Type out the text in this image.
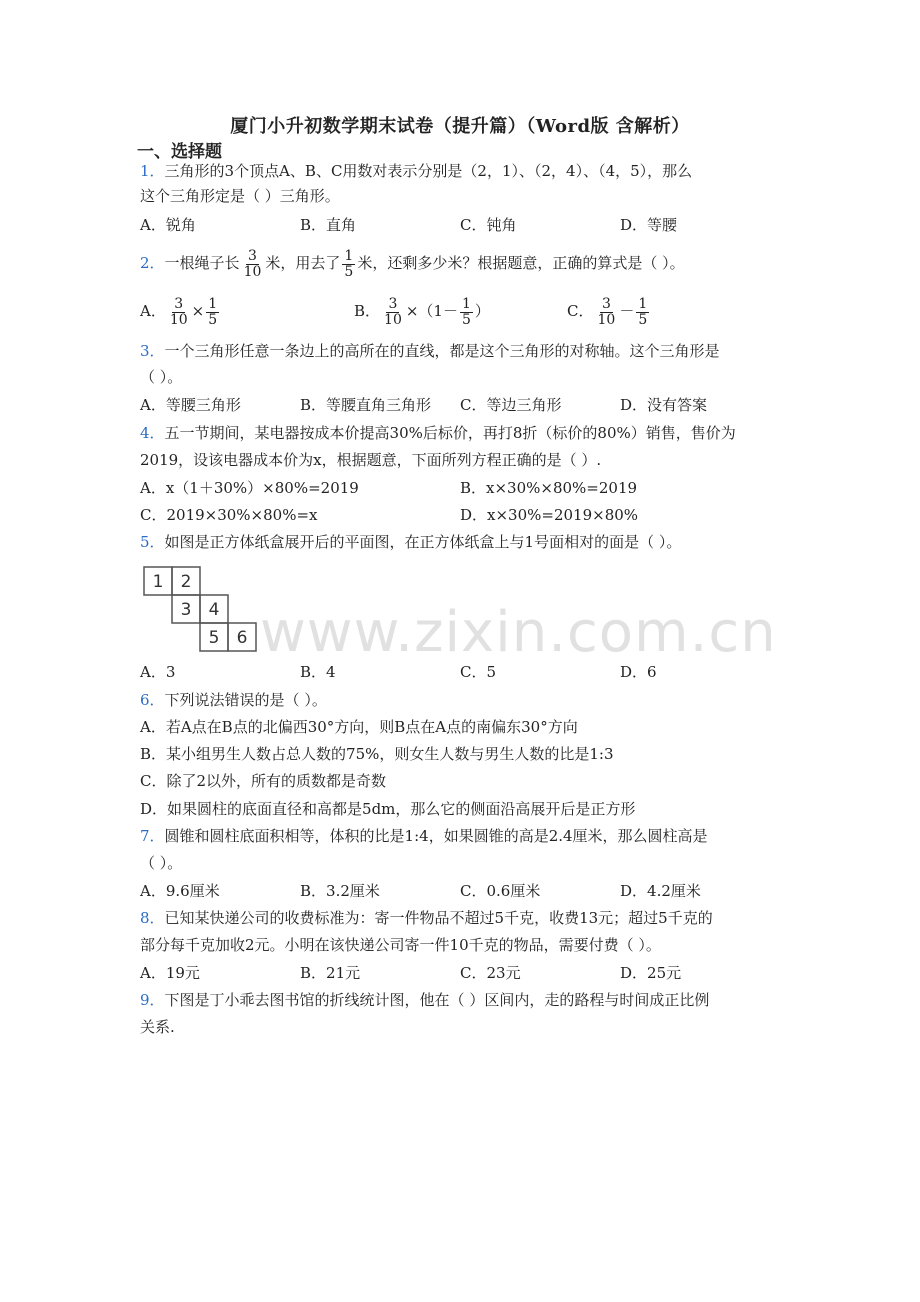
厦门小升初数学期末试卷（提升篇）（Word版 含解析）
一、选择题
1．三角形的3个顶点A、B、C用数对表示分别是（2，1）、（2，4）、（4，5），那么
这个三角形定是（ ）三角形。
A．锐角	B．直角	C．钝角	D．等腰
2．一根绳子长 $\frac{3}{10}$ 米，用去了 $\frac{1}{5}$ 米，还剩多少米？根据题意，正确的算式是（ ）。
A． $\frac{3}{10} \times \frac{1}{5}$	B． $\frac{3}{10} \times(1- \frac{1}{5}$ ）	C． $\frac{3}{10} - \frac{1}{5}$
3．一个三角形任意一条边上的高所在的直线，都是这个三角形的对称轴。这个三角形是
（ ）。
A．等腰三角形	B．等腰直角三角形 C．等边三角形	D．没有答案
4．五一节期间，某电器按成本价提高30%后标价，再打8折（标价的80%）销售，售价为
2019，设该电器成本价为x，根据题意，下面所列方程正确的是（ ）.
A．x（1＋30%）×80%=2019	B．x×30%×80%=2019
C．2019×30%×80%=x	D．x×30%=2019×80%
5．如图是正方体纸盒展开后的平面图，在正方体纸盒上与1号面相对的面是（ ）。
1 2
3 4
5 6 www.zixin.com.cn
A．3	B．4	C．5	D．6
6．下列说法错误的是（ ）。
A．若A点在B点的北偏西30°方向，则B点在A点的南偏东30°方向
B．某小组男生人数占总人数的75%，则女生人数与男生人数的比是1:3
C．除了2以外，所有的质数都是奇数
D．如果圆柱的底面直径和高都是5dm，那么它的侧面沿高展开后是正方形
7．圆锥和圆柱底面积相等，体积的比是1:4，如果圆锥的高是2.4厘米，那么圆柱高是
（ ）。
A．9.6厘米	B．3.2厘米	C．0.6厘米	D．4.2厘米
8．已知某快递公司的收费标准为：寄一件物品不超过5千克，收费13元；超过5千克的
部分每千克加收2元。小明在该快递公司寄一件10千克的物品，需要付费（ ）。
A．19元	B．21元	C．23元	D．25元
9．下图是丁小乖去图书馆的折线统计图，他在（ ）区间内，走的路程与时间成正比例
关系.
